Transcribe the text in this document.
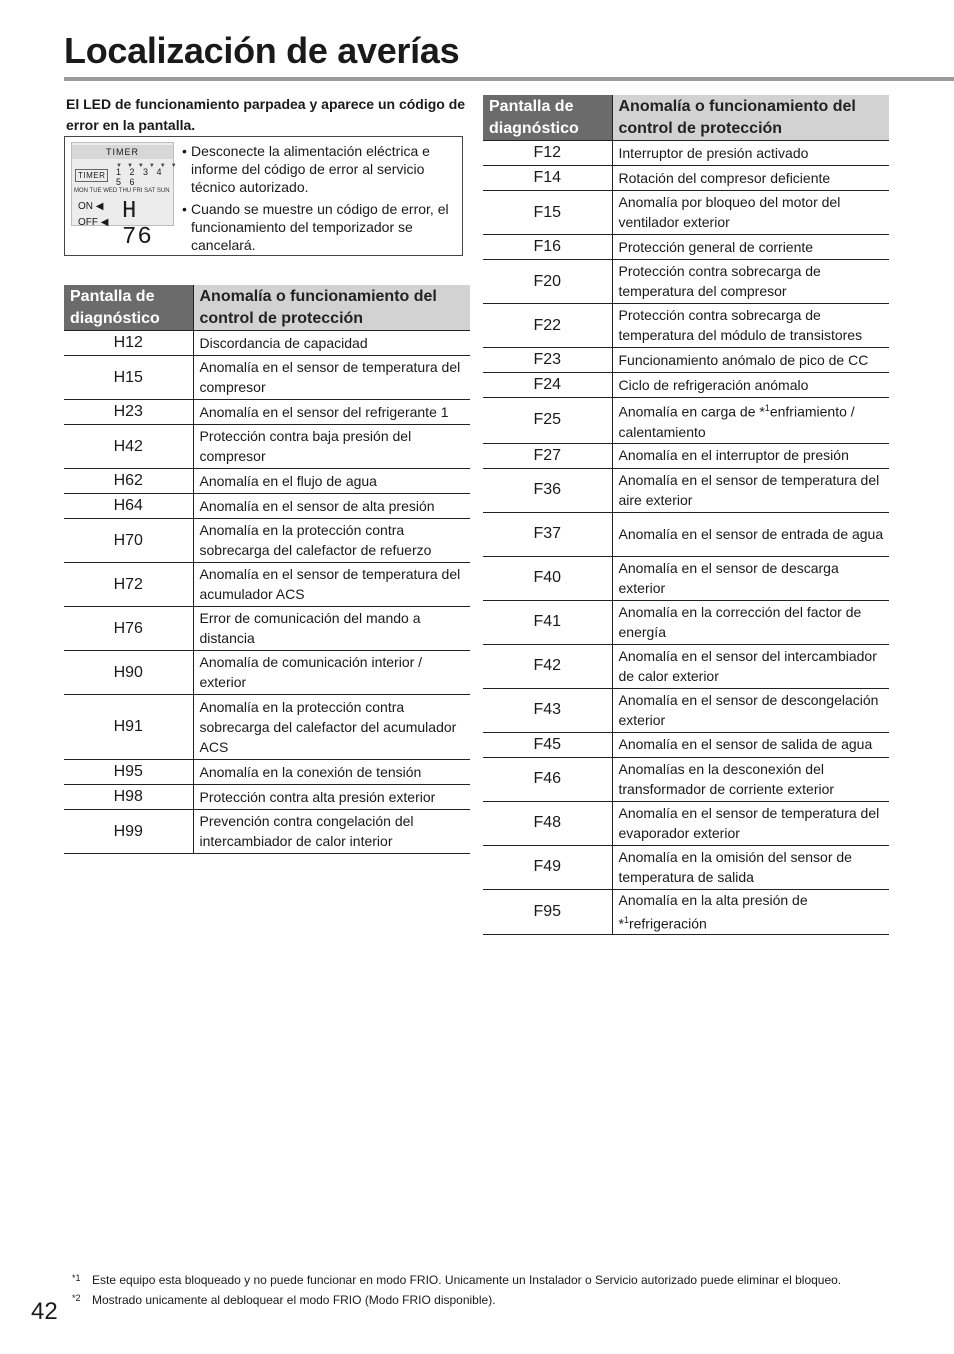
Localización de averías
El LED de funcionamiento parpadea y aparece un código de error en la pantalla.
TIMER
▼▼▼▼▼▼
TIMER	1 2 3 4 5 6
MON TUE WED THU FRI SAT SUN
ON ◀
OFF ◀ H 76
• Desconecte la alimentación eléctrica e informe del código de error al servicio técnico autorizado.
• Cuando se muestre un código de error, el funcionamiento del temporizador se cancelará.
Pantalla de diagnóstico	Anomalía o funcionamiento del control de protección
H12	Discordancia de capacidad
H15	Anomalía en el sensor de temperatura del compresor
H23	Anomalía en el sensor del refrigerante 1
H42	Protección contra baja presión del compresor
H62	Anomalía en el flujo de agua
H64	Anomalía en el sensor de alta presión
H70	Anomalía en la protección contra sobrecarga del calefactor de refuerzo
H72	Anomalía en el sensor de temperatura del acumulador ACS
H76	Error de comunicación del mando a distancia
H90	Anomalía de comunicación interior / exterior
H91	Anomalía en la protección contra sobrecarga del calefactor del acumulador ACS
H95	Anomalía en la conexión de tensión
H98	Protección contra alta presión exterior
H99	Prevención contra congelación del intercambiador de calor interior
Pantalla de diagnóstico	Anomalía o funcionamiento del control de protección
F12	Interruptor de presión activado
F14	Rotación del compresor deficiente
F15	Anomalía por bloqueo del motor del ventilador exterior
F16	Protección general de corriente
F20	Protección contra sobrecarga de temperatura del compresor
F22	Protección contra sobrecarga de temperatura del módulo de transistores
F23	Funcionamiento anómalo de pico de CC
F24	Ciclo de refrigeración anómalo
F25	Anomalía en carga de *$^1$enfriamiento / calentamiento
F27	Anomalía en el interruptor de presión
F36	Anomalía en el sensor de temperatura del aire exterior
F37	Anomalía en el sensor de entrada de agua
F40	Anomalía en el sensor de descarga exterior
F41	Anomalía en la corrección del factor de energía
F42	Anomalía en el sensor del intercambiador de calor exterior
F43	Anomalía en el sensor de descongelación exterior
F45	Anomalía en el sensor de salida de agua
F46	Anomalías en la desconexión del transformador de corriente exterior
F48	Anomalía en el sensor de temperatura del evaporador exterior
F49	Anomalía en la omisión del sensor de temperatura de salida
F95	Anomalía en la alta presión de *$^1$refrigeración
*1 Este equipo esta bloqueado y no puede funcionar en modo FRIO. Unicamente un Instalador o Servicio autorizado puede eliminar el bloqueo.
*2 Mostrado unicamente al debloquear el modo FRIO (Modo FRIO disponible).
42
